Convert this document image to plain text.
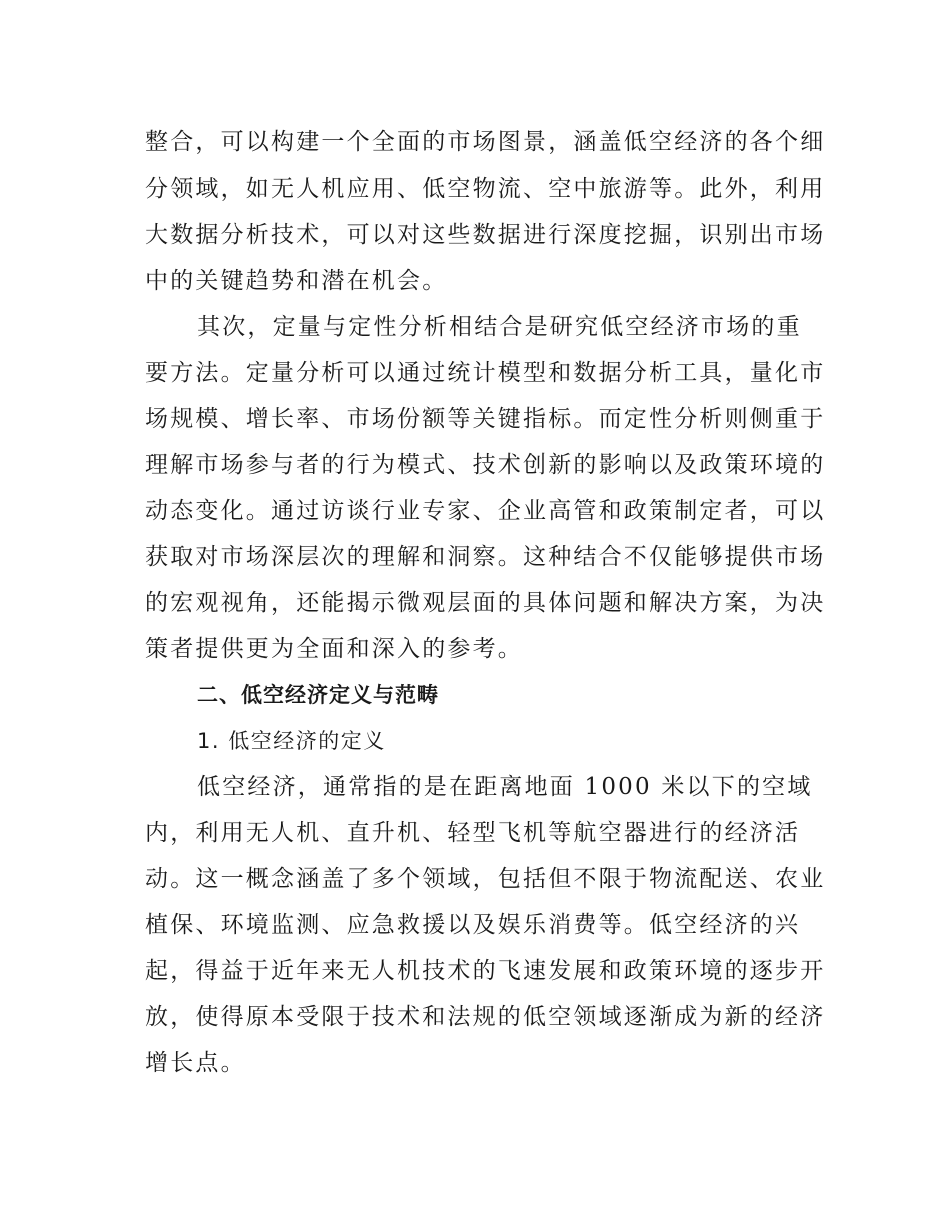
整合，可以构建一个全面的市场图景，涵盖低空经济的各个细
分领域，如无人机应用、低空物流、空中旅游等。此外，利用
大数据分析技术，可以对这些数据进行深度挖掘，识别出市场
中的关键趋势和潜在机会。
其次，定量与定性分析相结合是研究低空经济市场的重
要方法。定量分析可以通过统计模型和数据分析工具，量化市
场规模、增长率、市场份额等关键指标。而定性分析则侧重于
理解市场参与者的行为模式、技术创新的影响以及政策环境的
动态变化。通过访谈行业专家、企业高管和政策制定者，可以
获取对市场深层次的理解和洞察。这种结合不仅能够提供市场
的宏观视角，还能揭示微观层面的具体问题和解决方案，为决
策者提供更为全面和深入的参考。
二、低空经济定义与范畴
1. 低空经济的定义
低空经济，通常指的是在距离地面 1000 米以下的空域
内，利用无人机、直升机、轻型飞机等航空器进行的经济活
动。这一概念涵盖了多个领域，包括但不限于物流配送、农业
植保、环境监测、应急救援以及娱乐消费等。低空经济的兴
起，得益于近年来无人机技术的飞速发展和政策环境的逐步开
放，使得原本受限于技术和法规的低空领域逐渐成为新的经济
增长点。
